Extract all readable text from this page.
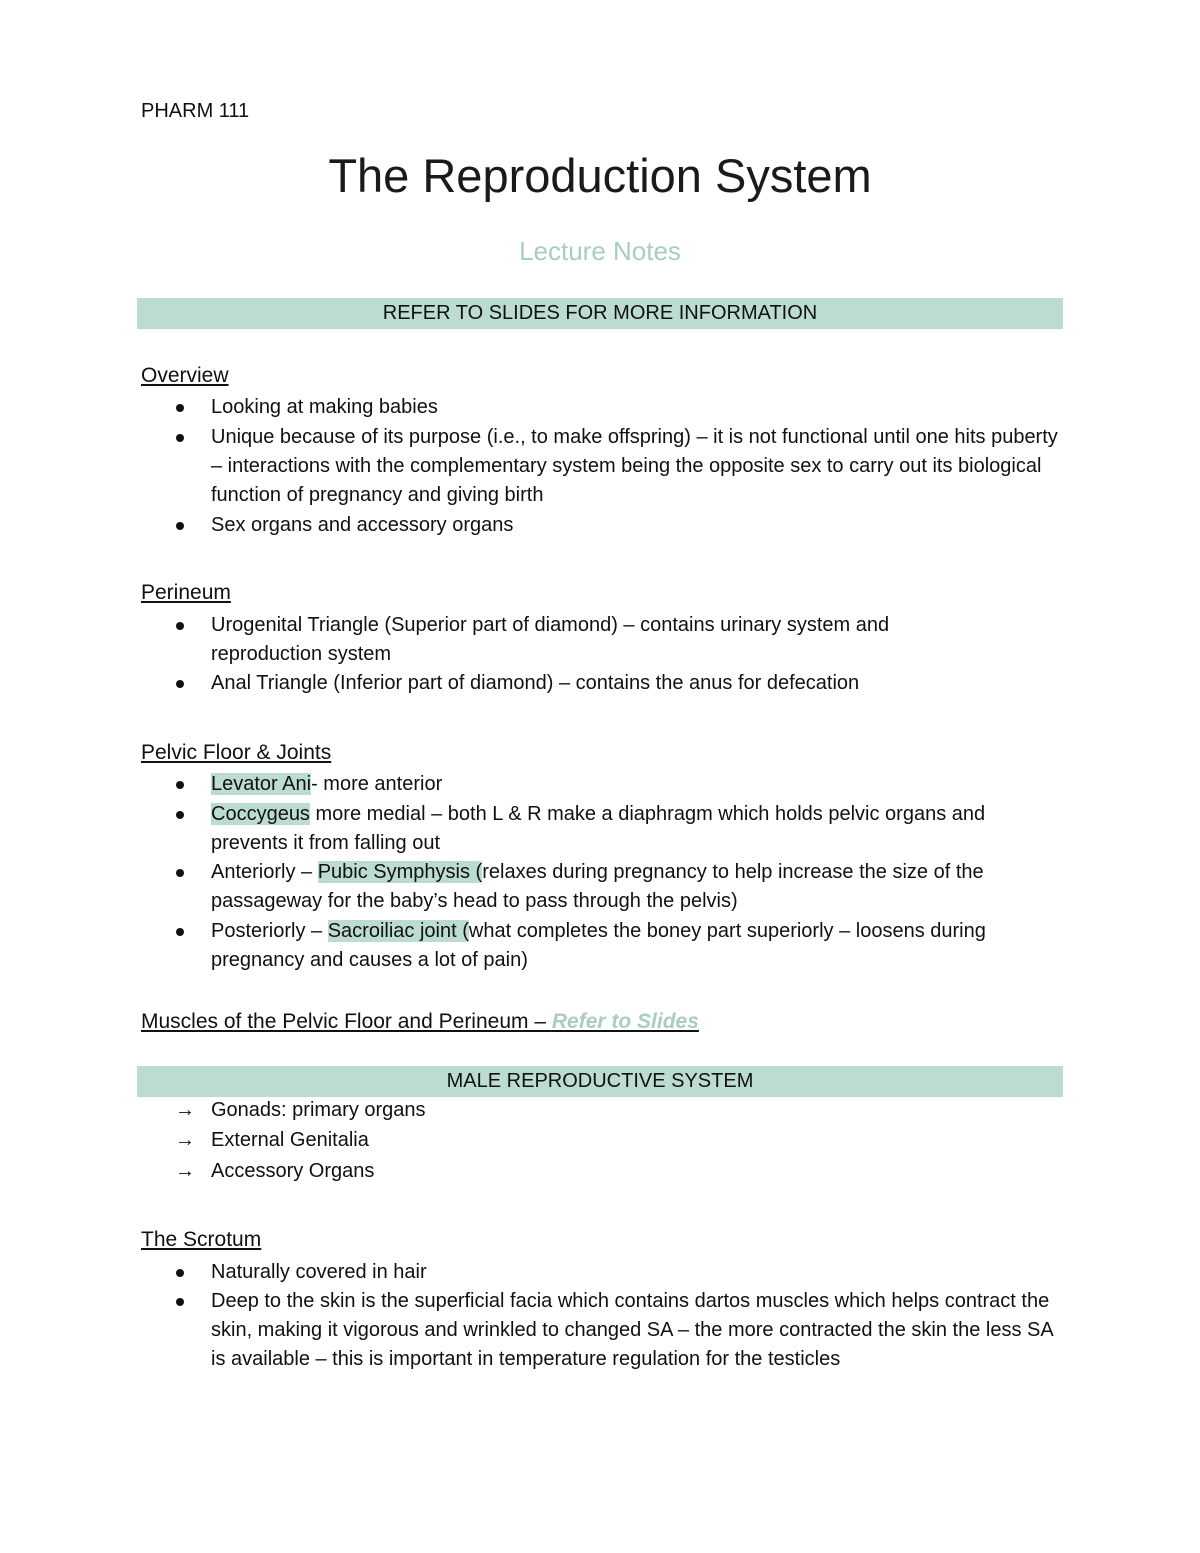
PHARM 111
The Reproduction System
Lecture Notes
REFER TO SLIDES FOR MORE INFORMATION
Overview
Looking at making babies
Unique because of its purpose (i.e., to make offspring) – it is not functional until one hits puberty – interactions with the complementary system being the opposite sex to carry out its biological function of pregnancy and giving birth
Sex organs and accessory organs
Perineum
Urogenital Triangle (Superior part of diamond) – contains urinary system and reproduction system
Anal Triangle (Inferior part of diamond) – contains the anus for defecation
Pelvic Floor & Joints
Levator Ani- more anterior
Coccygeus more medial – both L & R make a diaphragm which holds pelvic organs and prevents it from falling out
Anteriorly – Pubic Symphysis (relaxes during pregnancy to help increase the size of the passageway for the baby’s head to pass through the pelvis)
Posteriorly – Sacroiliac joint (what completes the boney part superiorly – loosens during pregnancy and causes a lot of pain)
Muscles of the Pelvic Floor and Perineum – Refer to Slides
MALE REPRODUCTIVE SYSTEM
→ Gonads: primary organs
→ External Genitalia
→ Accessory Organs
The Scrotum
Naturally covered in hair
Deep to the skin is the superficial facia which contains dartos muscles which helps contract the skin, making it vigorous and wrinkled to changed SA – the more contracted the skin the less SA is available – this is important in temperature regulation for the testicles
